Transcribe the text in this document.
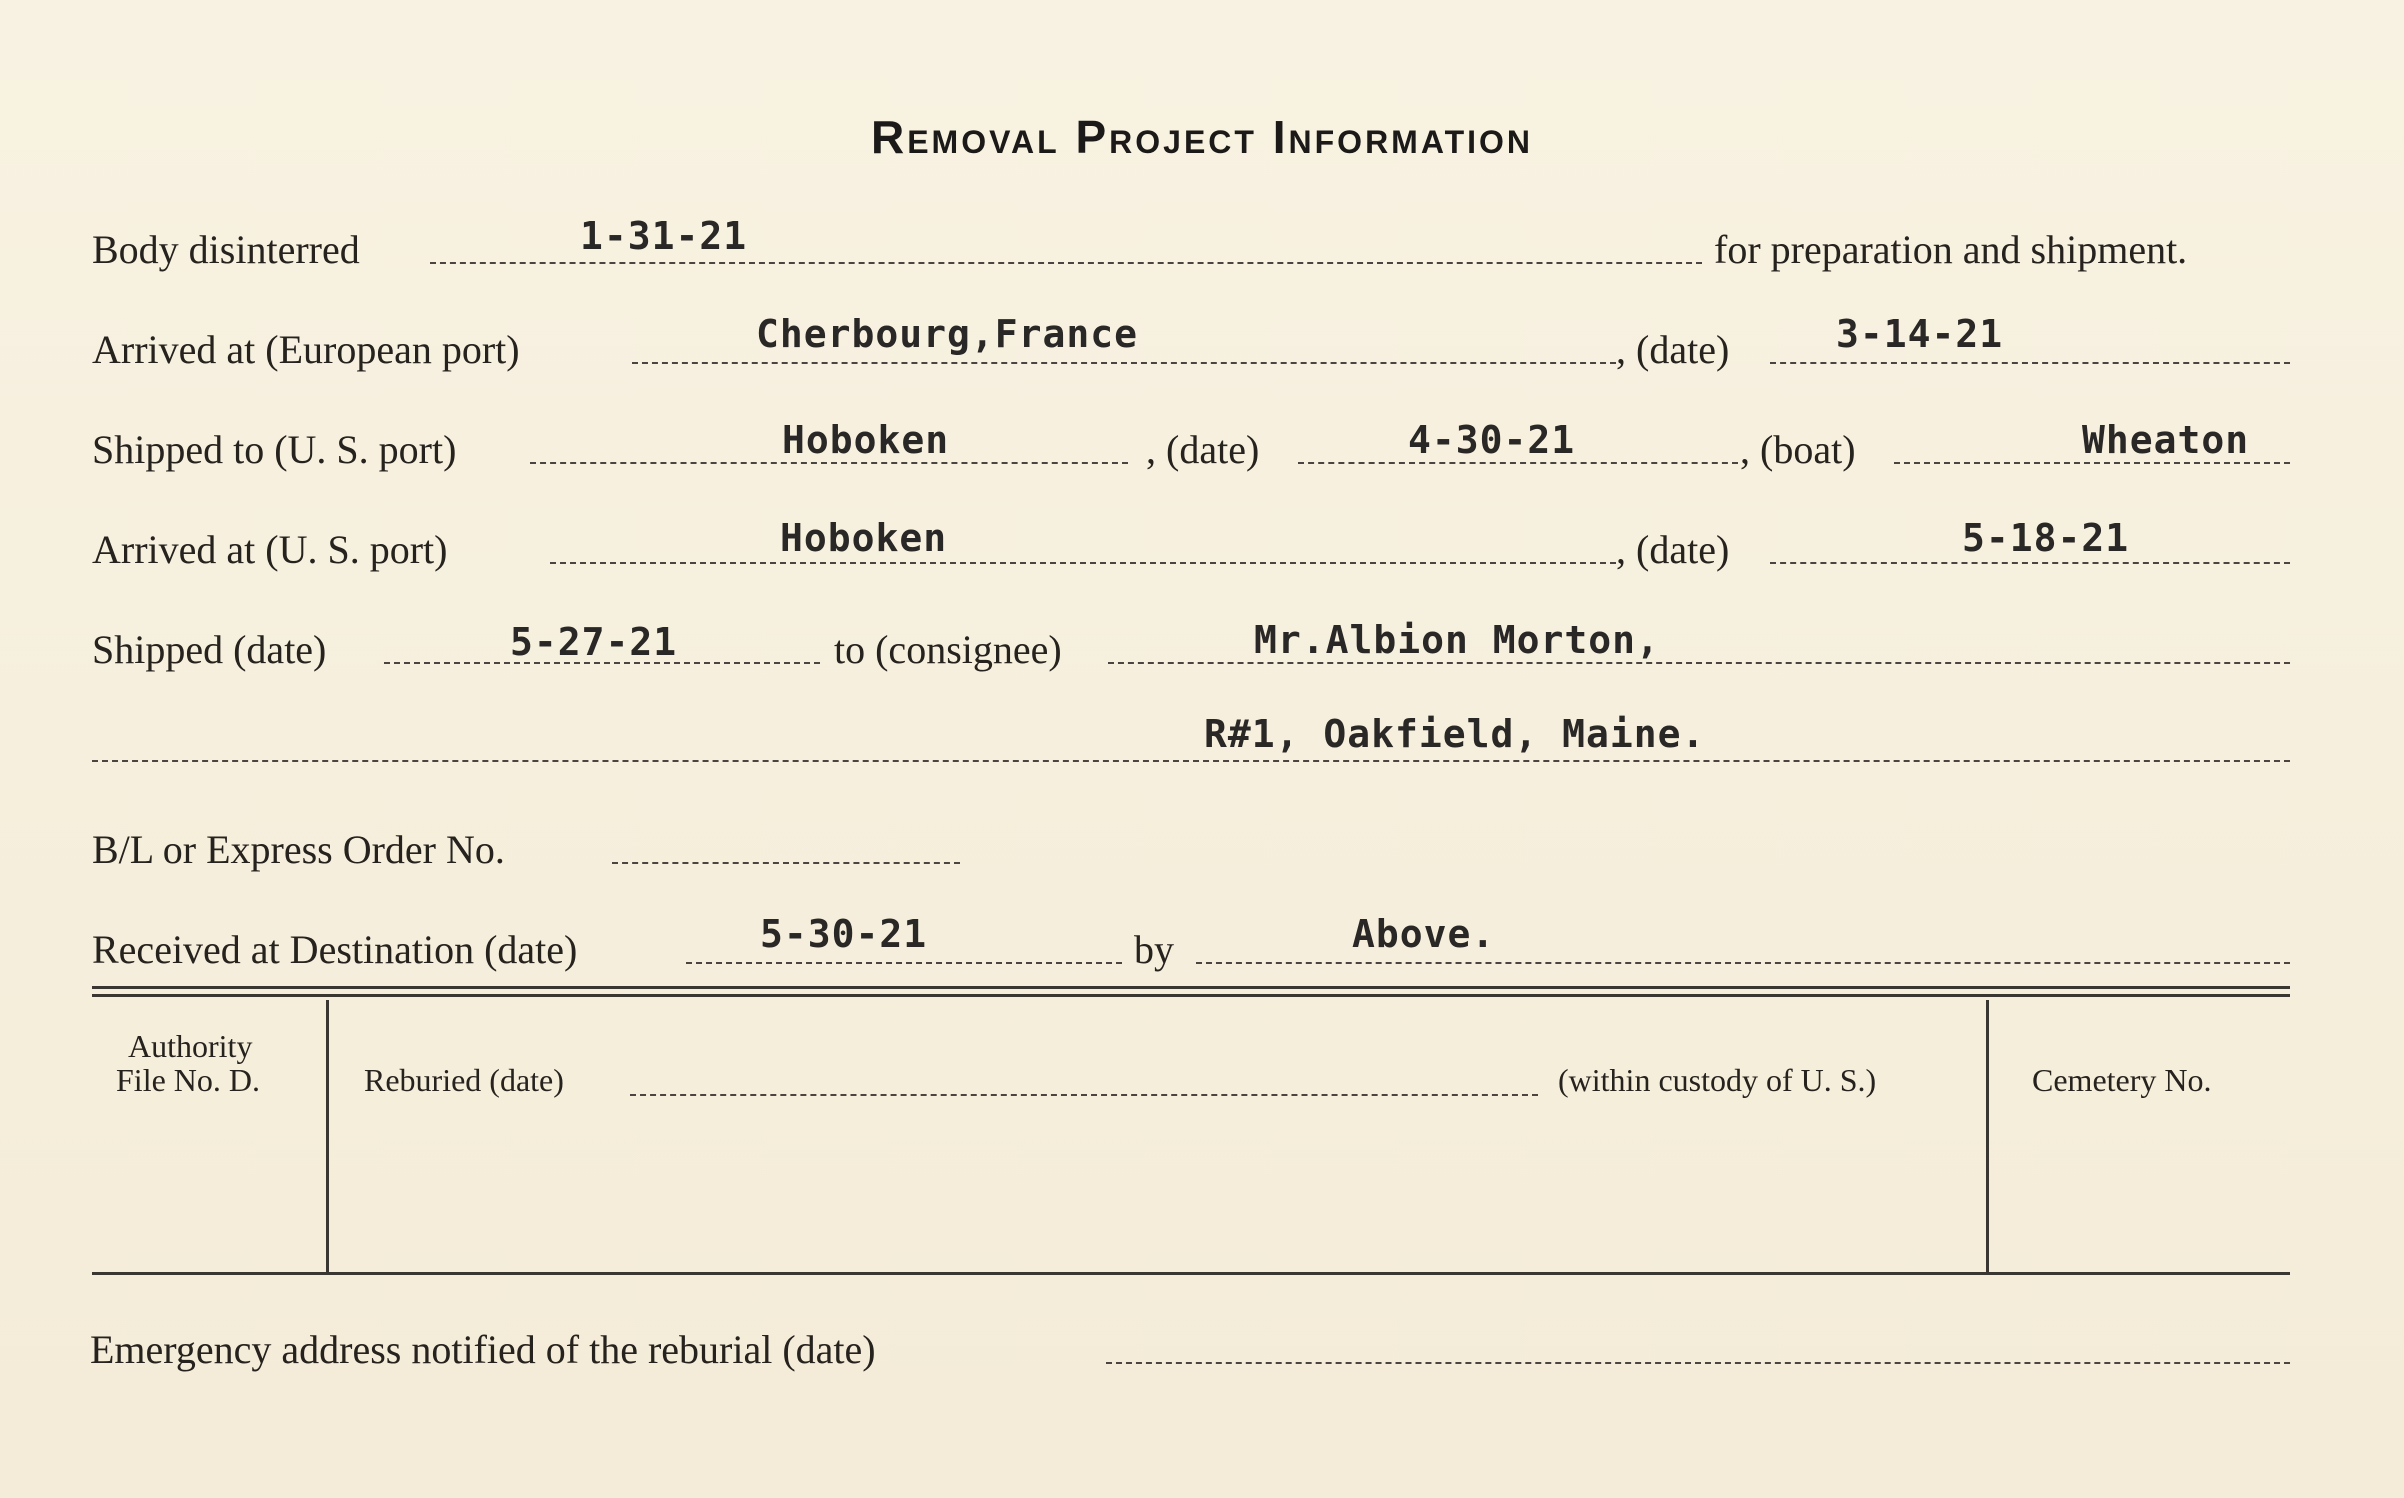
Removal Project Information
Body disinterred	1-31-21	for preparation and shipment.
Arrived at (European port)	Cherbourg,France	, (date)	3-14-21
Shipped to (U. S. port)	Hoboken	, (date)	4-30-21	, (boat)	Wheaton
Arrived at (U. S. port)	Hoboken	, (date)	5-18-21
Shipped (date)	5-27-21	to (consignee)	Mr.Albion Morton,
R#1, Oakfield, Maine.
B/L or Express Order No.
Received at Destination (date)	5-30-21	by	Above.
Authority
File No. D.	Reburied (date)	(within custody of U. S.)	Cemetery No.
Emergency address notified of the reburial (date)
